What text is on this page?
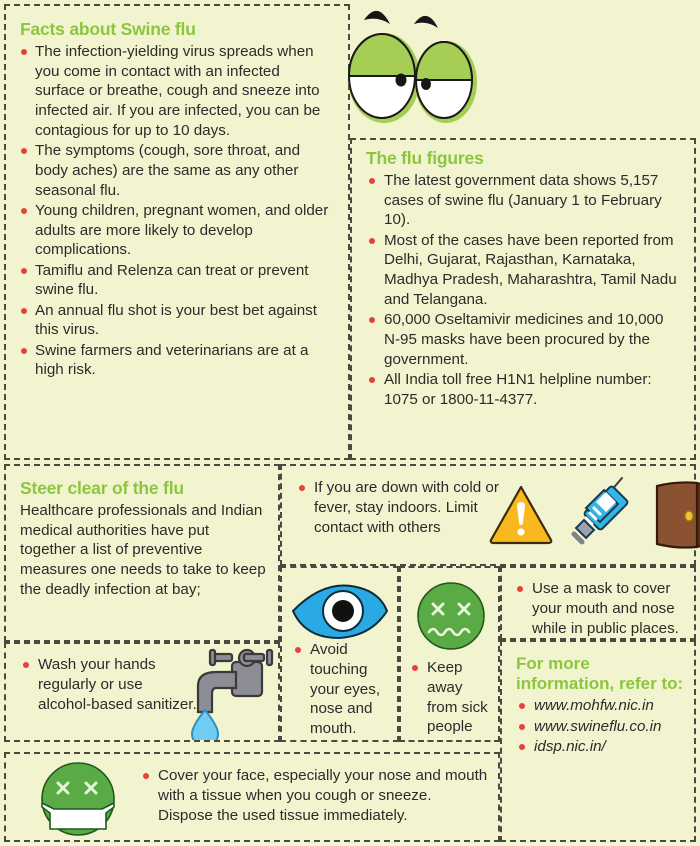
Facts about Swine flu
The infection-yielding virus spreads when you come in contact with an infected surface or breathe, cough and sneeze into infected air. If you are infected, you can be contagious for up to 10 days.
The symptoms (cough, sore throat, and body aches) are the same as any other seasonal flu.
Young children, pregnant women, and older adults are more likely to develop complications.
Tamiflu and Relenza can treat or prevent swine flu.
An annual flu shot is your best bet against this virus.
Swine farmers and veterinarians are at a high risk.
The flu figures
The latest government data shows 5,157 cases of swine flu (January 1 to February 10).
Most of the cases have been reported from Delhi, Gujarat, Rajasthan, Karnataka, Madhya Pradesh, Maharashtra, Tamil Nadu and Telangana.
60,000 Oseltamivir medicines and 10,000 N-95 masks have been procured by the government.
All India toll free H1N1 helpline number: 1075 or 1800-11-4377.
Steer clear of the flu
Healthcare professionals and Indian medical authorities have put together a list of preventive measures one needs to take to keep the deadly infection at bay;
Wash your hands regularly or use alcohol-based sanitizer.
If you are down with cold or fever, stay indoors. Limit contact with others
Avoid touching your eyes, nose and mouth.
Keep away from sick people
Use a mask to cover your mouth and nose while in public places.
For more information, refer to:
www.mohfw.nic.in
www.swineflu.co.in
idsp.nic.in/
Cover your face, especially your nose and mouth with a tissue when you cough or sneeze. Dispose the used tissue immediately.
